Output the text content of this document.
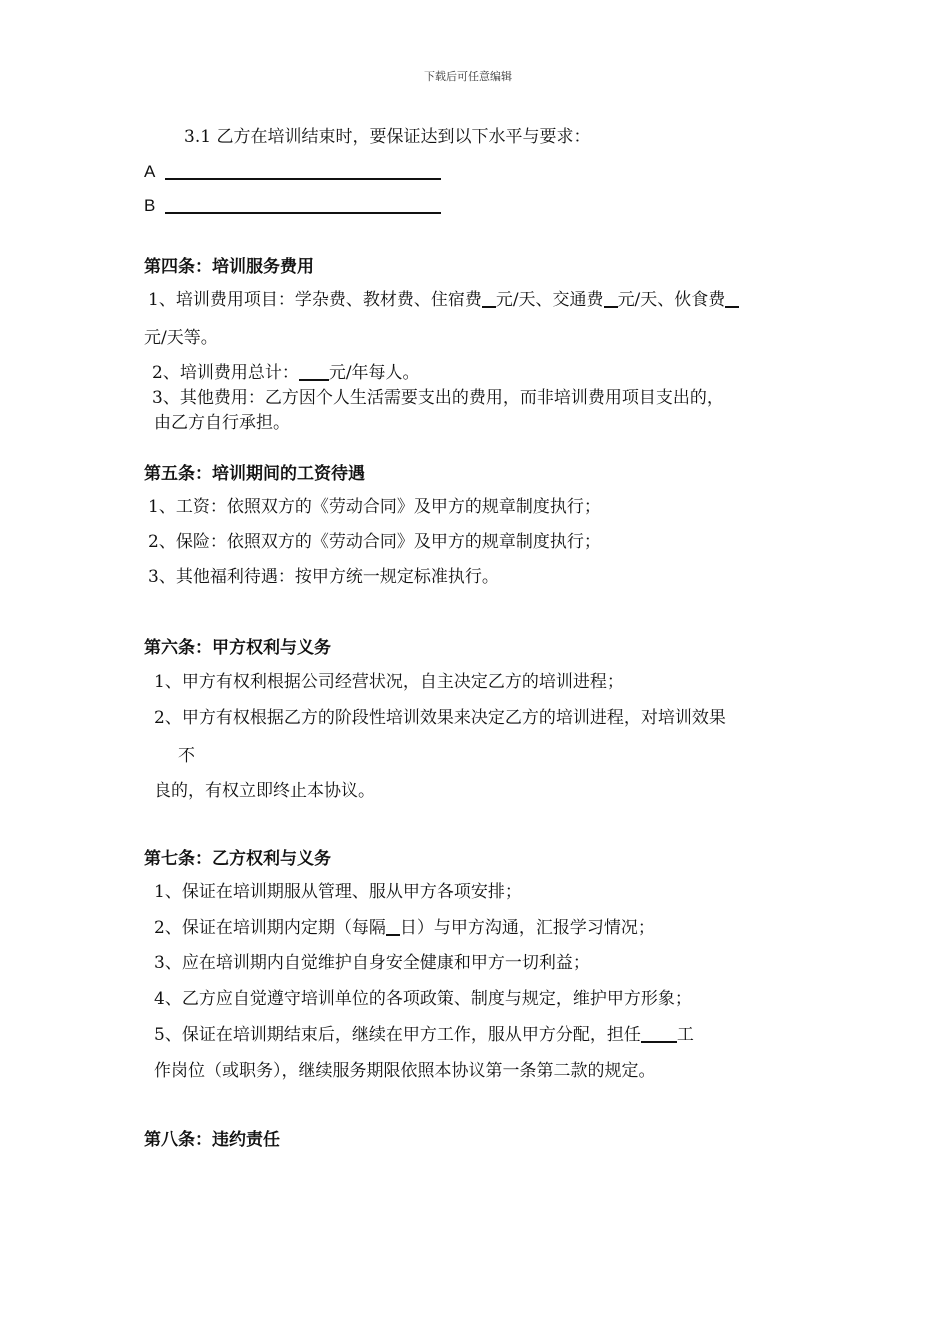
下载后可任意编辑
3.1 乙方在培训结束时，要保证达到以下水平与要求：
A
B
第四条：培训服务费用
1、培训费用项目：学杂费、教材费、住宿费 元/天、交通费 元/天、伙食费
元/天等。
2、培训费用总计： 元/年每人。
3、其他费用：乙方因个人生活需要支出的费用，而非培训费用项目支出的，
由乙方自行承担。
第五条：培训期间的工资待遇
1、工资：依照双方的《劳动合同》及甲方的规章制度执行；
2、保险：依照双方的《劳动合同》及甲方的规章制度执行；
3、其他福利待遇：按甲方统一规定标准执行。
第六条：甲方权利与义务
1、甲方有权利根据公司经营状况，自主决定乙方的培训进程；
2、甲方有权根据乙方的阶段性培训效果来决定乙方的培训进程，对培训效果
不
良的，有权立即终止本协议。
第七条：乙方权利与义务
1、保证在培训期服从管理、服从甲方各项安排；
2、保证在培训期内定期（每隔 日）与甲方沟通，汇报学习情况；
3、应在培训期内自觉维护自身安全健康和甲方一切利益；
4、乙方应自觉遵守培训单位的各项政策、制度与规定，维护甲方形象；
5、保证在培训期结束后，继续在甲方工作，服从甲方分配，担任 工
作岗位（或职务），继续服务期限依照本协议第一条第二款的规定。
第八条：违约责任
